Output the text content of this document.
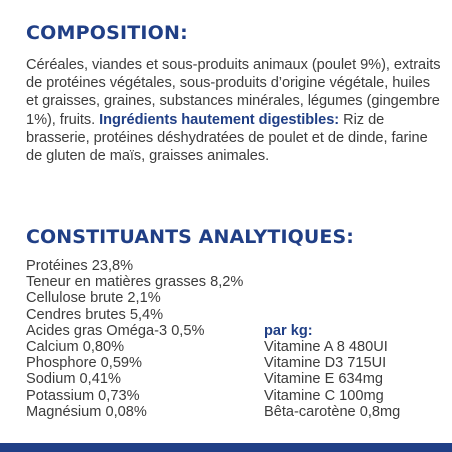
COMPOSITION:

Céréales, viandes et sous-produits animaux (poulet 9%), extraits de protéines végétales, sous-produits d’origine végétale, huiles et graisses, graines, substances minérales, légumes (gingembre 1%), fruits. Ingrédients hautement digestibles: Riz de brasserie, protéines déshydratées de poulet et de dinde, farine de gluten de maïs, graisses animales.

CONSTITUANTS ANALYTIQUES:
Protéines 23,8%
Teneur en matières grasses 8,2%
Cellulose brute 2,1%
Cendres brutes 5,4%
Acides gras Oméga-3 0,5%
Calcium 0,80%
Phosphore 0,59%
Sodium 0,41%
Potassium 0,73%
Magnésium 0,08%
par kg:
Vitamine A 8 480UI
Vitamine D3 715UI
Vitamine E 634mg
Vitamine C 100mg
Bêta-carotène 0,8mg
